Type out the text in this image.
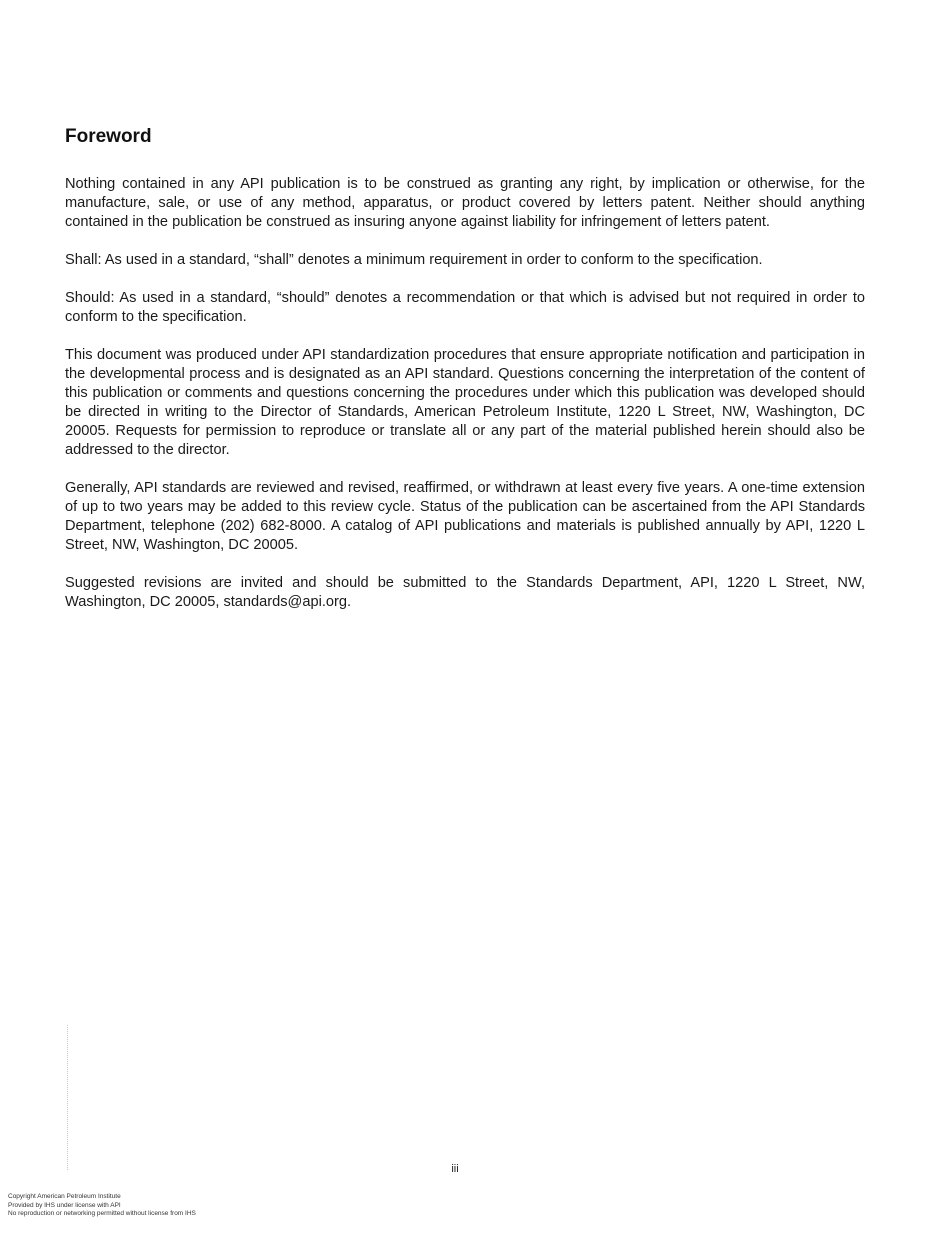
Foreword

Nothing contained in any API publication is to be construed as granting any right, by implication or otherwise, for the manufacture, sale, or use of any method, apparatus, or product covered by letters patent. Neither should anything contained in the publication be construed as insuring anyone against liability for infringement of letters patent.

Shall: As used in a standard, “shall” denotes a minimum requirement in order to conform to the specification.

Should: As used in a standard, “should” denotes a recommendation or that which is advised but not required in order to conform to the specification.

This document was produced under API standardization procedures that ensure appropriate notification and participation in the developmental process and is designated as an API standard. Questions concerning the interpretation of the content of this publication or comments and questions concerning the procedures under which this publication was developed should be directed in writing to the Director of Standards, American Petroleum Institute, 1220 L Street, NW, Washington, DC 20005. Requests for permission to reproduce or translate all or any part of the material published herein should also be addressed to the director.

Generally, API standards are reviewed and revised, reaffirmed, or withdrawn at least every five years. A one-time extension of up to two years may be added to this review cycle. Status of the publication can be ascertained from the API Standards Department, telephone (202) 682-8000. A catalog of API publications and materials is published annually by API, 1220 L Street, NW, Washington, DC 20005.

Suggested revisions are invited and should be submitted to the Standards Department, API, 1220 L Street, NW, Washington, DC 20005, standards@api.org.

iii
Copyright American Petroleum Institute
Provided by IHS under license with API
No reproduction or networking permitted without license from IHS
